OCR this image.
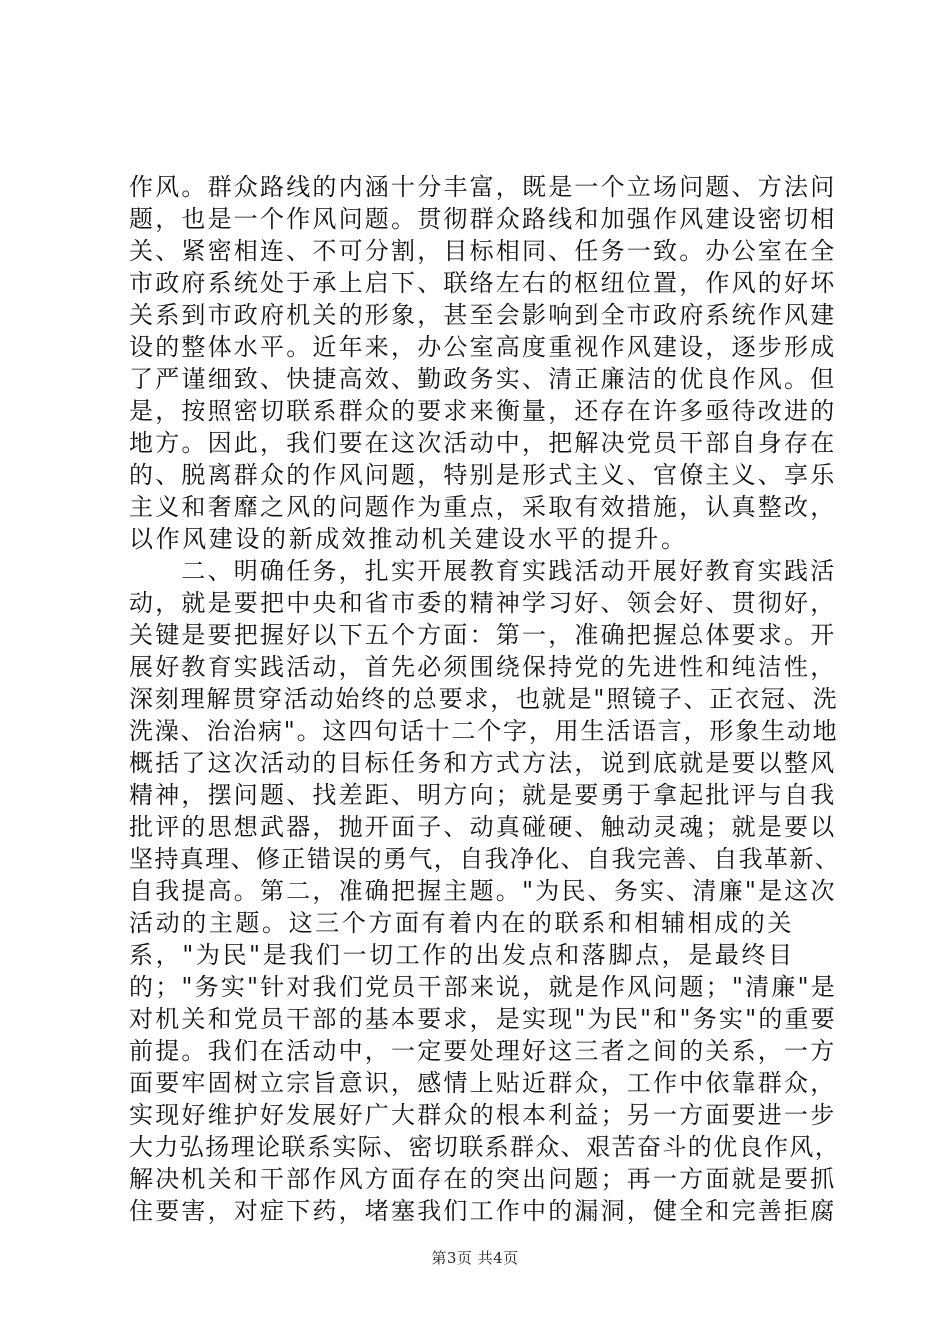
作风。群众路线的内涵十分丰富，既是一个立场问题、方法问
题，也是一个作风问题。贯彻群众路线和加强作风建设密切相
关、紧密相连、不可分割，目标相同、任务一致。办公室在全
市政府系统处于承上启下、联络左右的枢纽位置，作风的好坏
关系到市政府机关的形象，甚至会影响到全市政府系统作风建
设的整体水平。近年来，办公室高度重视作风建设，逐步形成
了严谨细致、快捷高效、勤政务实、清正廉洁的优良作风。但
是，按照密切联系群众的要求来衡量，还存在许多亟待改进的
地方。因此，我们要在这次活动中，把解决党员干部自身存在
的、脱离群众的作风问题，特别是形式主义、官僚主义、享乐
主义和奢靡之风的问题作为重点，采取有效措施，认真整改，
以作风建设的新成效推动机关建设水平的提升。
　　二、明确任务，扎实开展教育实践活动开展好教育实践活
动，就是要把中央和省市委的精神学习好、领会好、贯彻好，
关键是要把握好以下五个方面：第一，准确把握总体要求。开
展好教育实践活动，首先必须围绕保持党的先进性和纯洁性，
深刻理解贯穿活动始终的总要求，也就是"照镜子、正衣冠、洗
洗澡、治治病"。这四句话十二个字，用生活语言，形象生动地
概括了这次活动的目标任务和方式方法，说到底就是要以整风
精神，摆问题、找差距、明方向；就是要勇于拿起批评与自我
批评的思想武器，抛开面子、动真碰硬、触动灵魂；就是要以
坚持真理、修正错误的勇气，自我净化、自我完善、自我革新、
自我提高。第二，准确把握主题。"为民、务实、清廉"是这次
活动的主题。这三个方面有着内在的联系和相辅相成的关
系，"为民"是我们一切工作的出发点和落脚点，是最终目
的；"务实"针对我们党员干部来说，就是作风问题；"清廉"是
对机关和党员干部的基本要求，是实现"为民"和"务实"的重要
前提。我们在活动中，一定要处理好这三者之间的关系，一方
面要牢固树立宗旨意识，感情上贴近群众，工作中依靠群众，
实现好维护好发展好广大群众的根本利益；另一方面要进一步
大力弘扬理论联系实际、密切联系群众、艰苦奋斗的优良作风，
解决机关和干部作风方面存在的突出问题；再一方面就是要抓
住要害，对症下药，堵塞我们工作中的漏洞，健全和完善拒腐
第3页 共4页
